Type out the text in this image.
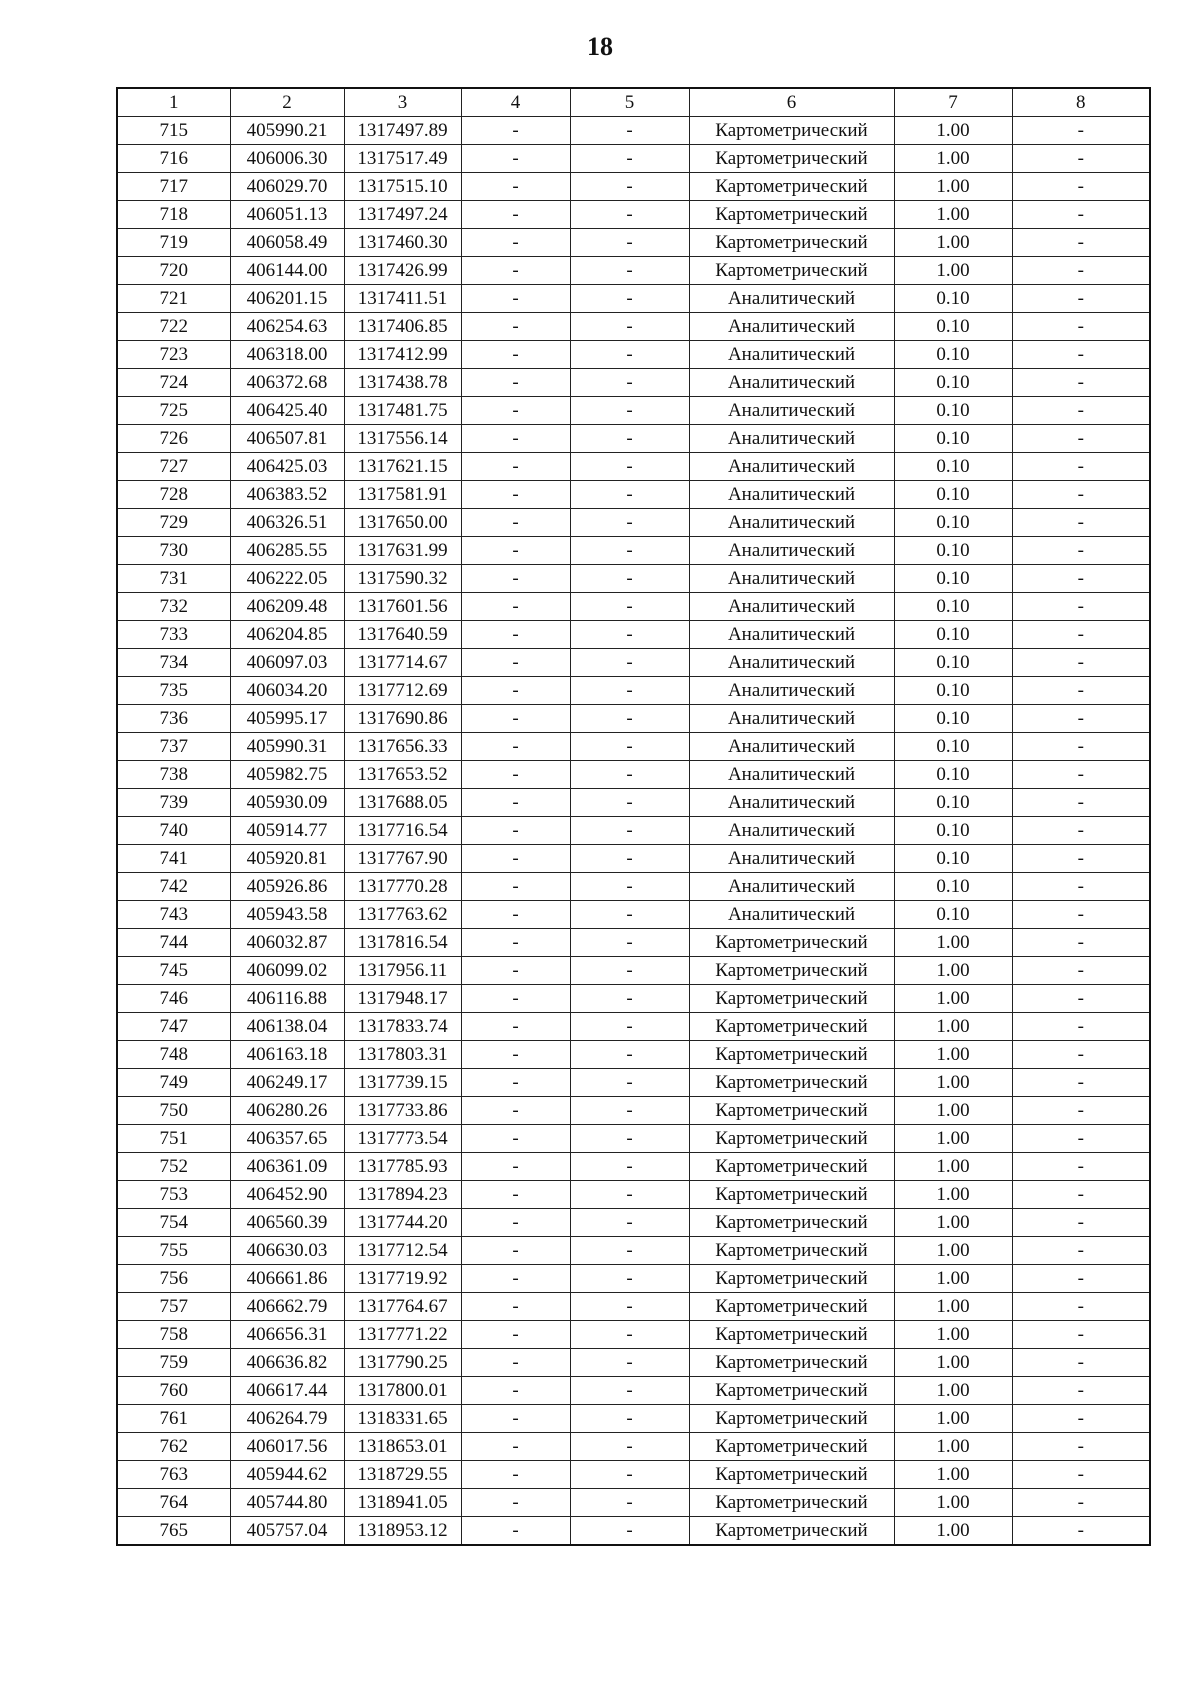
18
1	2	3	4	5	6	7	8
715	405990.21	1317497.89	-	-	Картометрический	1.00	-
716	406006.30	1317517.49	-	-	Картометрический	1.00	-
717	406029.70	1317515.10	-	-	Картометрический	1.00	-
718	406051.13	1317497.24	-	-	Картометрический	1.00	-
719	406058.49	1317460.30	-	-	Картометрический	1.00	-
720	406144.00	1317426.99	-	-	Картометрический	1.00	-
721	406201.15	1317411.51	-	-	Аналитический	0.10	-
722	406254.63	1317406.85	-	-	Аналитический	0.10	-
723	406318.00	1317412.99	-	-	Аналитический	0.10	-
724	406372.68	1317438.78	-	-	Аналитический	0.10	-
725	406425.40	1317481.75	-	-	Аналитический	0.10	-
726	406507.81	1317556.14	-	-	Аналитический	0.10	-
727	406425.03	1317621.15	-	-	Аналитический	0.10	-
728	406383.52	1317581.91	-	-	Аналитический	0.10	-
729	406326.51	1317650.00	-	-	Аналитический	0.10	-
730	406285.55	1317631.99	-	-	Аналитический	0.10	-
731	406222.05	1317590.32	-	-	Аналитический	0.10	-
732	406209.48	1317601.56	-	-	Аналитический	0.10	-
733	406204.85	1317640.59	-	-	Аналитический	0.10	-
734	406097.03	1317714.67	-	-	Аналитический	0.10	-
735	406034.20	1317712.69	-	-	Аналитический	0.10	-
736	405995.17	1317690.86	-	-	Аналитический	0.10	-
737	405990.31	1317656.33	-	-	Аналитический	0.10	-
738	405982.75	1317653.52	-	-	Аналитический	0.10	-
739	405930.09	1317688.05	-	-	Аналитический	0.10	-
740	405914.77	1317716.54	-	-	Аналитический	0.10	-
741	405920.81	1317767.90	-	-	Аналитический	0.10	-
742	405926.86	1317770.28	-	-	Аналитический	0.10	-
743	405943.58	1317763.62	-	-	Аналитический	0.10	-
744	406032.87	1317816.54	-	-	Картометрический	1.00	-
745	406099.02	1317956.11	-	-	Картометрический	1.00	-
746	406116.88	1317948.17	-	-	Картометрический	1.00	-
747	406138.04	1317833.74	-	-	Картометрический	1.00	-
748	406163.18	1317803.31	-	-	Картометрический	1.00	-
749	406249.17	1317739.15	-	-	Картометрический	1.00	-
750	406280.26	1317733.86	-	-	Картометрический	1.00	-
751	406357.65	1317773.54	-	-	Картометрический	1.00	-
752	406361.09	1317785.93	-	-	Картометрический	1.00	-
753	406452.90	1317894.23	-	-	Картометрический	1.00	-
754	406560.39	1317744.20	-	-	Картометрический	1.00	-
755	406630.03	1317712.54	-	-	Картометрический	1.00	-
756	406661.86	1317719.92	-	-	Картометрический	1.00	-
757	406662.79	1317764.67	-	-	Картометрический	1.00	-
758	406656.31	1317771.22	-	-	Картометрический	1.00	-
759	406636.82	1317790.25	-	-	Картометрический	1.00	-
760	406617.44	1317800.01	-	-	Картометрический	1.00	-
761	406264.79	1318331.65	-	-	Картометрический	1.00	-
762	406017.56	1318653.01	-	-	Картометрический	1.00	-
763	405944.62	1318729.55	-	-	Картометрический	1.00	-
764	405744.80	1318941.05	-	-	Картометрический	1.00	-
765	405757.04	1318953.12	-	-	Картометрический	1.00	-
